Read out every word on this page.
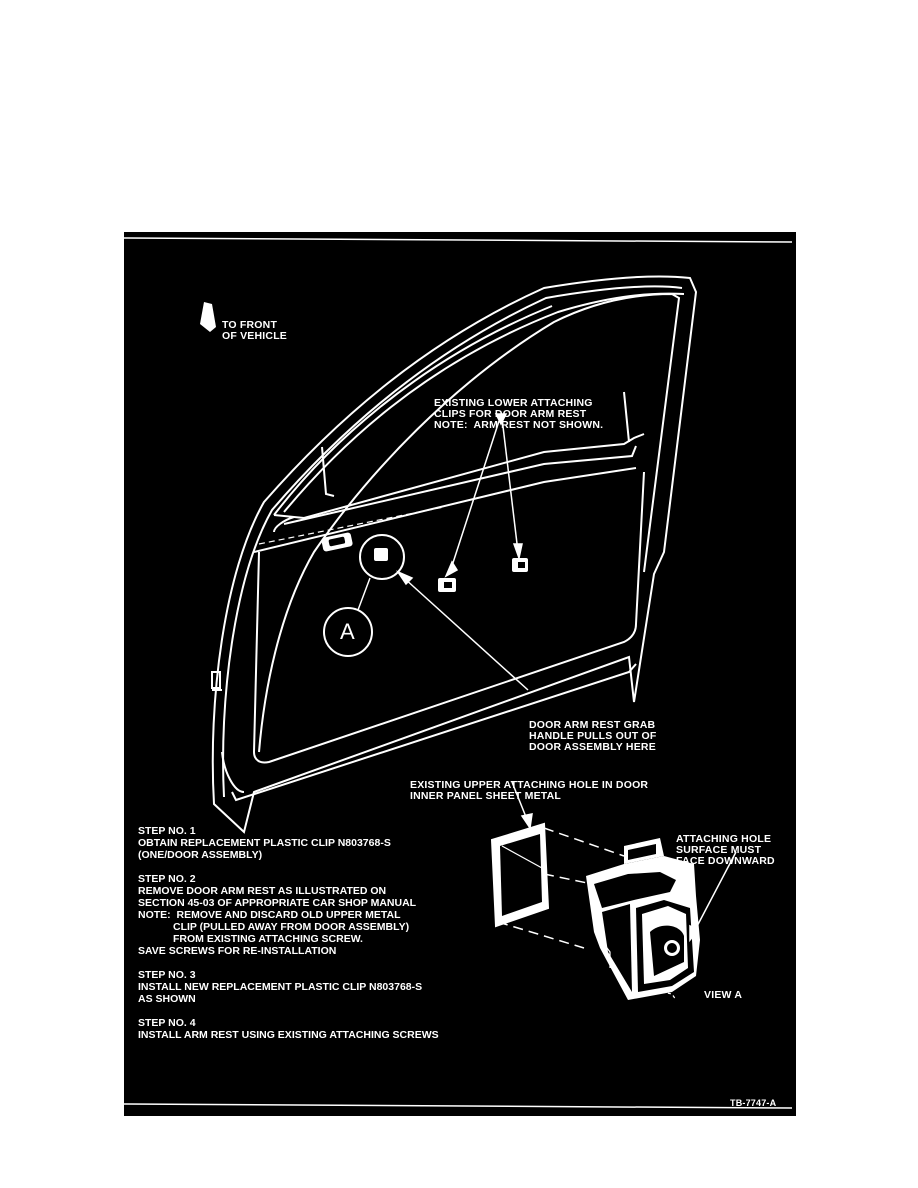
TO FRONT
OF VEHICLE

EXISTING LOWER ATTACHING
CLIPS FOR DOOR ARM REST
NOTE:  ARM REST NOT SHOWN.

DOOR ARM REST GRAB
HANDLE PULLS OUT OF
DOOR ASSEMBLY HERE

EXISTING UPPER ATTACHING HOLE IN DOOR
INNER PANEL SHEET METAL

ATTACHING HOLE
SURFACE MUST
FACE DOWNWARD

VIEW A
A
TB-7747-A
STEP NO. 1
OBTAIN REPLACEMENT PLASTIC CLIP N803768-S
(ONE/DOOR ASSEMBLY)
STEP NO. 2
REMOVE DOOR ARM REST AS ILLUSTRATED ON
SECTION 45-03 OF APPROPRIATE CAR SHOP MANUAL
NOTE:  REMOVE AND DISCARD OLD UPPER METAL
CLIP (PULLED AWAY FROM DOOR ASSEMBLY)
FROM EXISTING ATTACHING SCREW.
SAVE SCREWS FOR RE-INSTALLATION
STEP NO. 3
INSTALL NEW REPLACEMENT PLASTIC CLIP N803768-S
AS SHOWN
STEP NO. 4
INSTALL ARM REST USING EXISTING ATTACHING SCREWS
